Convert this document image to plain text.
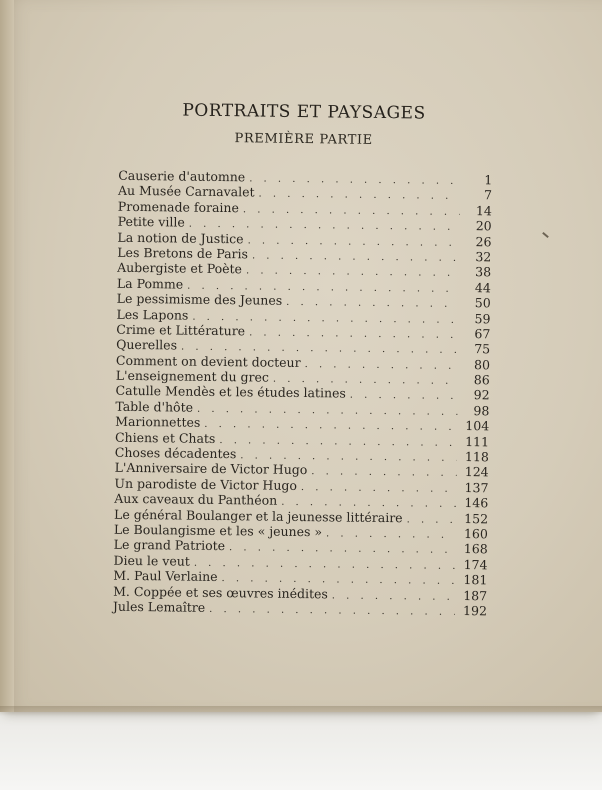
PORTRAITS ET PAYSAGES
PREMIÈRE PARTIE
Causerie d'automne . . .	1
Au Musée Carnavalet . . .	7
Promenade foraine . . .	14
Petite ville . . .	20
La notion de Justice . . .	26
Les Bretons de Paris . . .	32
Aubergiste et Poète . . .	38
La Pomme . . .	44
Le pessimisme des Jeunes . . .	50
Les Lapons . . .	59
Crime et Littérature . . .	67
Querelles . . .	75
Comment on devient docteur . . .	80
L'enseignement du grec . . .	86
Catulle Mendès et les études latines . . .	92
Table d'hôte . . .	98
Marionnettes . . .	104
Chiens et Chats . . .	111
Choses décadentes . . .	118
L'Anniversaire de Victor Hugo . . .	124
Un parodiste de Victor Hugo . . .	137
Aux caveaux du Panthéon . . .	146
Le général Boulanger et la jeunesse littéraire . . .	152
Le Boulangisme et les « jeunes » . . .	160
Le grand Patriote . . .	168
Dieu le veut . . .	174
M. Paul Verlaine . . .	181
M. Coppée et ses œuvres inédites . . .	187
Jules Lemaître . . .	192
